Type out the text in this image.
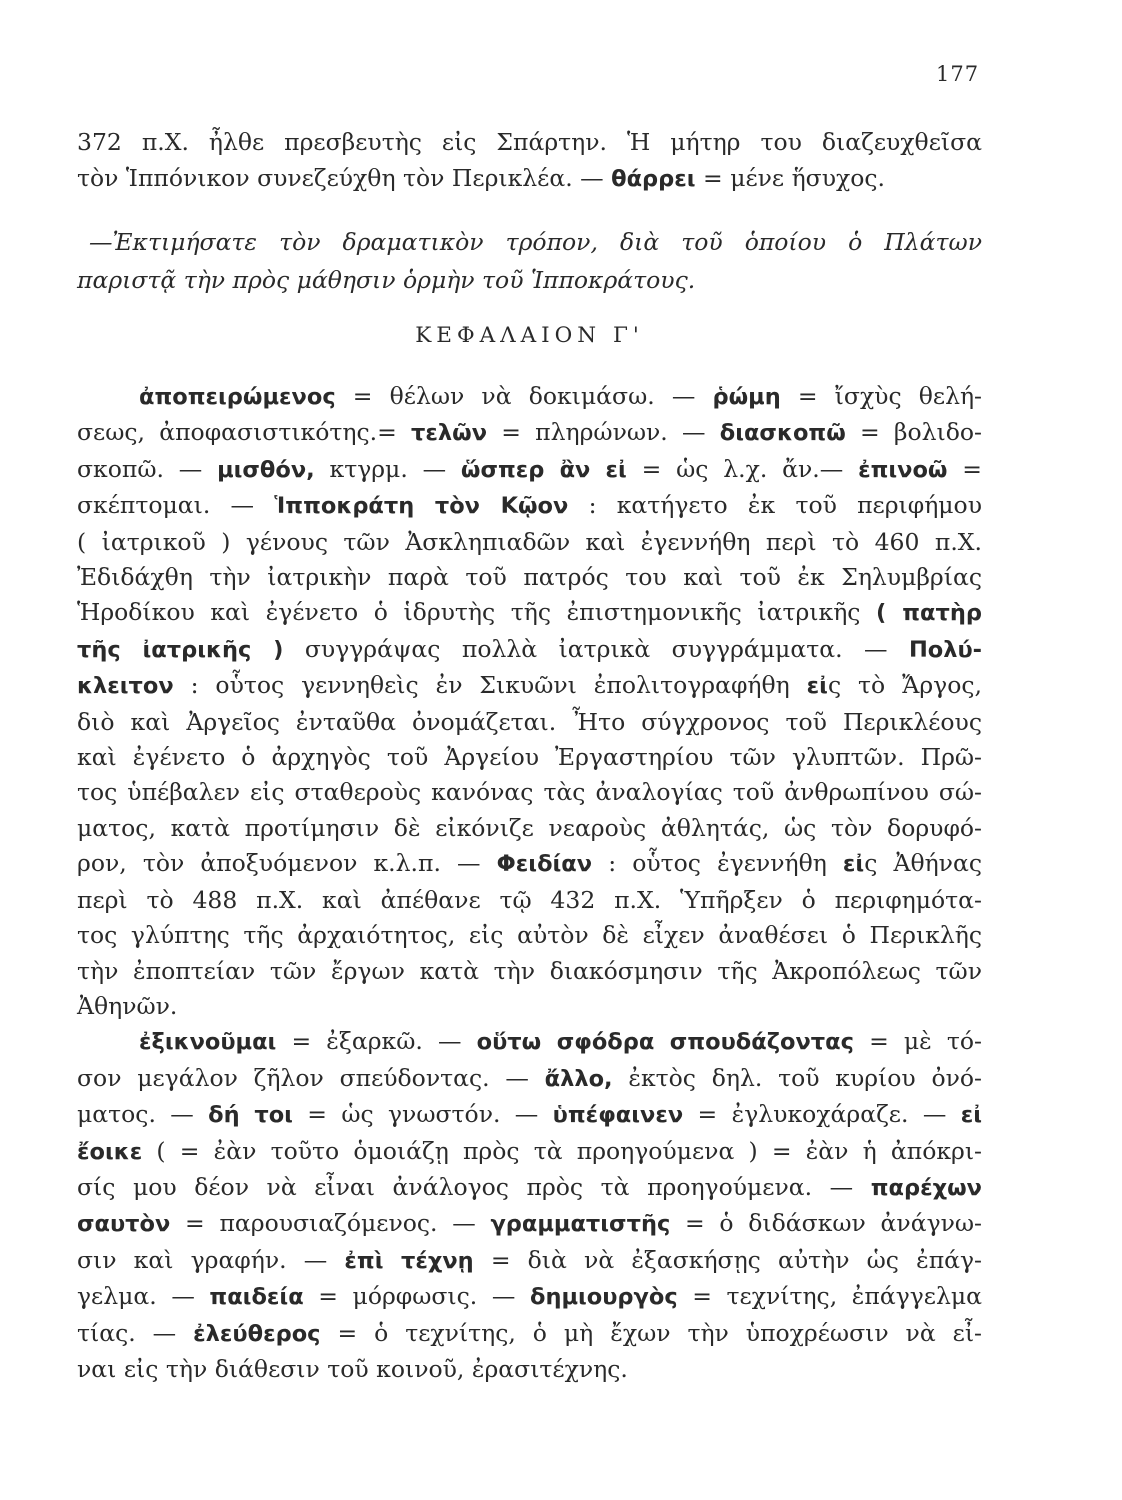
177
372 π.Χ. ἦλθε πρεσβευτὴς εἰς Σπάρτην. Ἡ μήτηρ του διαζευχθεῖσα
τὸν Ἱππόνικον συνεζεύχθη τὸν Περικλέα. — θάρρει = μένε ἥσυχος.
—Ἐκτιμήσατε τὸν δραματικὸν τρόπον, διὰ τοῦ ὁποίου ὁ Πλάτων
παριστᾷ τὴν πρὸς μάθησιν ὁρμὴν τοῦ Ἱπποκράτους.
ΚΕΦΑΛΑΙΟΝ Γ'
ἀποπειρώμενος = θέλων νὰ δοκιμάσω. — ῥώμη = ἴσχὺς θελή-
σεως, ἀποφασιστικότης.= τελῶν = πληρώνων. — διασκοπῶ = βολιδο-
σκοπῶ. — μισθόν, κτγρμ. — ὥσπερ ἂν εἰ = ὡς λ.χ. ἄν.— ἐπινοῶ =
σκέπτομαι. — Ἱπποκράτη τὸν Κῷον : κατήγετο ἐκ τοῦ περιφήμου
( ἰατρικοῦ ) γένους τῶν Ἀσκληπιαδῶν καὶ ἐγεννήθη περὶ τὸ 460 π.Χ.
Ἐδιδάχθη τὴν ἰατρικὴν παρὰ τοῦ πατρός του καὶ τοῦ ἐκ Σηλυμβρίας
Ἡροδίκου καὶ ἐγένετο ὁ ἱδρυτὴς τῆς ἐπιστημονικῆς ἰατρικῆς ( πατὴρ
τῆς ἰατρικῆς ) συγγράψας πολλὰ ἰατρικὰ συγγράμματα. — Πολύ-
κλειτον : οὗτος γεννηθεὶς ἐν Σικυῶνι ἐπολιτογραφήθη εἰς τὸ Ἄργος,
διὸ καὶ Ἀργεῖος ἐνταῦθα ὀνομάζεται. Ἦτο σύγχρονος τοῦ Περικλέους
καὶ ἐγένετο ὁ ἀρχηγὸς τοῦ Ἀργείου Ἐργαστηρίου τῶν γλυπτῶν. Πρῶ-
τος ὑπέβαλεν εἰς σταθεροὺς κανόνας τὰς ἀναλογίας τοῦ ἀνθρωπίνου σώ-
ματος, κατὰ προτίμησιν δὲ εἰκόνιζε νεαροὺς ἀθλητάς, ὡς τὸν δορυφό-
ρον, τὸν ἀποξυόμενον κ.λ.π. — Φειδίαν : οὗτος ἐγεννήθη εἰς Ἀθήνας
περὶ τὸ 488 π.Χ. καὶ ἀπέθανε τῷ 432 π.Χ. Ὑπῆρξεν ὁ περιφημότα-
τος γλύπτης τῆς ἀρχαιότητος, εἰς αὐτὸν δὲ εἶχεν ἀναθέσει ὁ Περικλῆς
τὴν ἐποπτείαν τῶν ἔργων κατὰ τὴν διακόσμησιν τῆς Ἀκροπόλεως τῶν
Ἀθηνῶν.
ἐξικνοῦμαι = ἐξαρκῶ. — οὕτω σφόδρα σπουδάζοντας = μὲ τό-
σον μεγάλον ζῆλον σπεύδοντας. — ἄλλο, ἐκτὸς δηλ. τοῦ κυρίου ὀνό-
ματος. — δή τοι = ὡς γνωστόν. — ὑπέφαινεν = ἐγλυκοχάραζε. — εἰ
ἔοικε ( = ἐὰν τοῦτο ὁμοιάζῃ πρὸς τὰ προηγούμενα ) = ἐὰν ἡ ἀπόκρι-
σίς μου δέον νὰ εἶναι ἀνάλογος πρὸς τὰ προηγούμενα. — παρέχων
σαυτὸν = παρουσιαζόμενος. — γραμματιστῆς = ὁ διδάσκων ἀνάγνω-
σιν καὶ γραφήν. — ἐπὶ τέχνῃ = διὰ νὰ ἐξασκήσῃς αὐτὴν ὡς ἐπάγ-
γελμα. — παιδεία = μόρφωσις. — δημιουργὸς = τεχνίτης, ἐπάγγελμα
τίας. — ἐλεύθερος = ὁ τεχνίτης, ὁ μὴ ἔχων τὴν ὑποχρέωσιν νὰ εἶ-
ναι εἰς τὴν διάθεσιν τοῦ κοινοῦ, ἐρασιτέχνης.
